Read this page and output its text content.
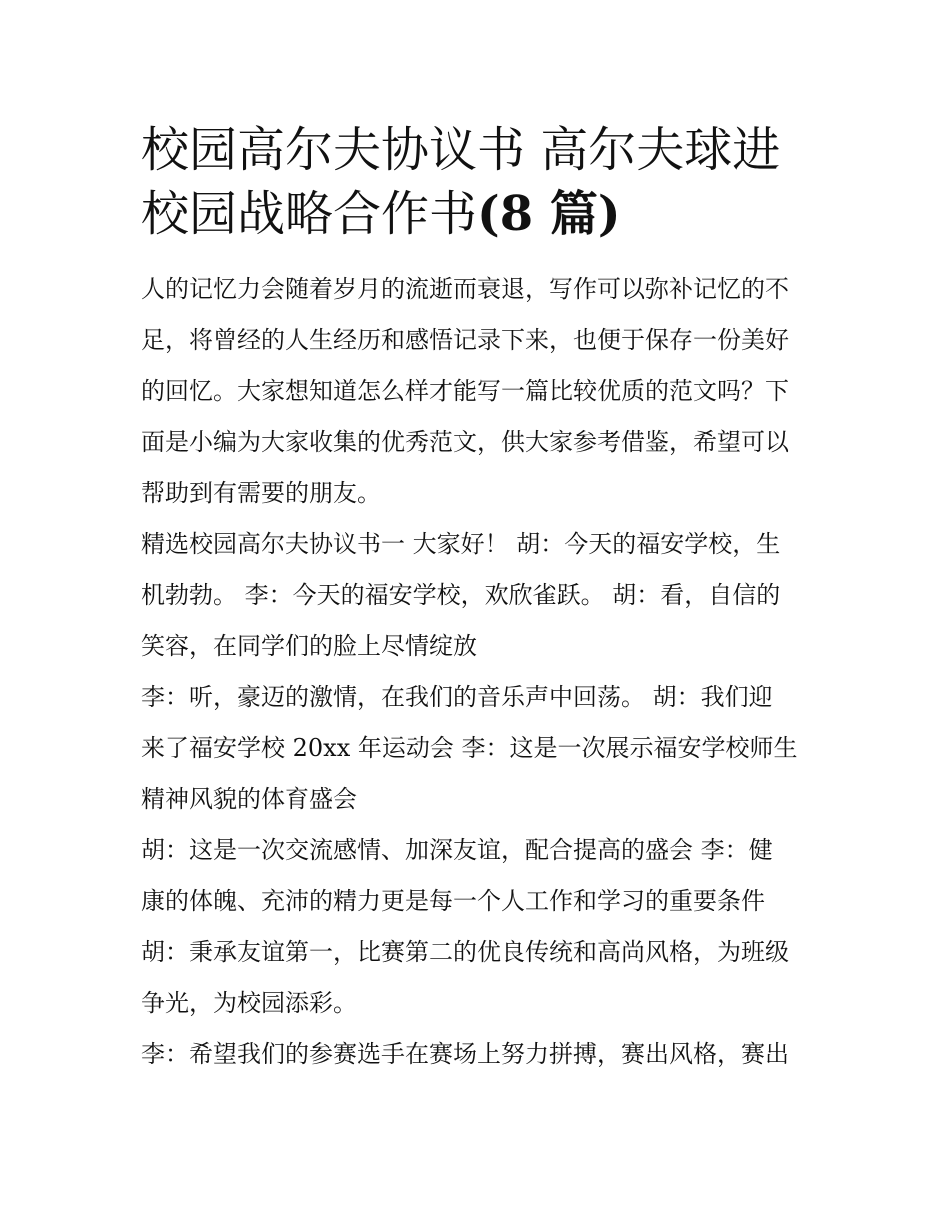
校园高尔夫协议书 高尔夫球进
校园战略合作书(8 篇)

人的记忆力会随着岁月的流逝而衰退，写作可以弥补记忆的不
足，将曾经的人生经历和感悟记录下来，也便于保存一份美好
的回忆。大家想知道怎么样才能写一篇比较优质的范文吗？下
面是小编为大家收集的优秀范文，供大家参考借鉴，希望可以
帮助到有需要的朋友。

精选校园高尔夫协议书一 大家好！ 胡：今天的福安学校，生
机勃勃。 李：今天的福安学校，欢欣雀跃。 胡：看，自信的
笑容，在同学们的脸上尽情绽放

李：听，豪迈的激情，在我们的音乐声中回荡。 胡：我们迎
来了福安学校 20xx 年运动会 李：这是一次展示福安学校师生
精神风貌的体育盛会

胡：这是一次交流感情、加深友谊，配合提高的盛会 李：健
康的体魄、充沛的精力更是每一个人工作和学习的重要条件
胡：秉承友谊第一，比赛第二的优良传统和高尚风格，为班级
争光，为校园添彩。

李：希望我们的参赛选手在赛场上努力拼搏，赛出风格，赛出
